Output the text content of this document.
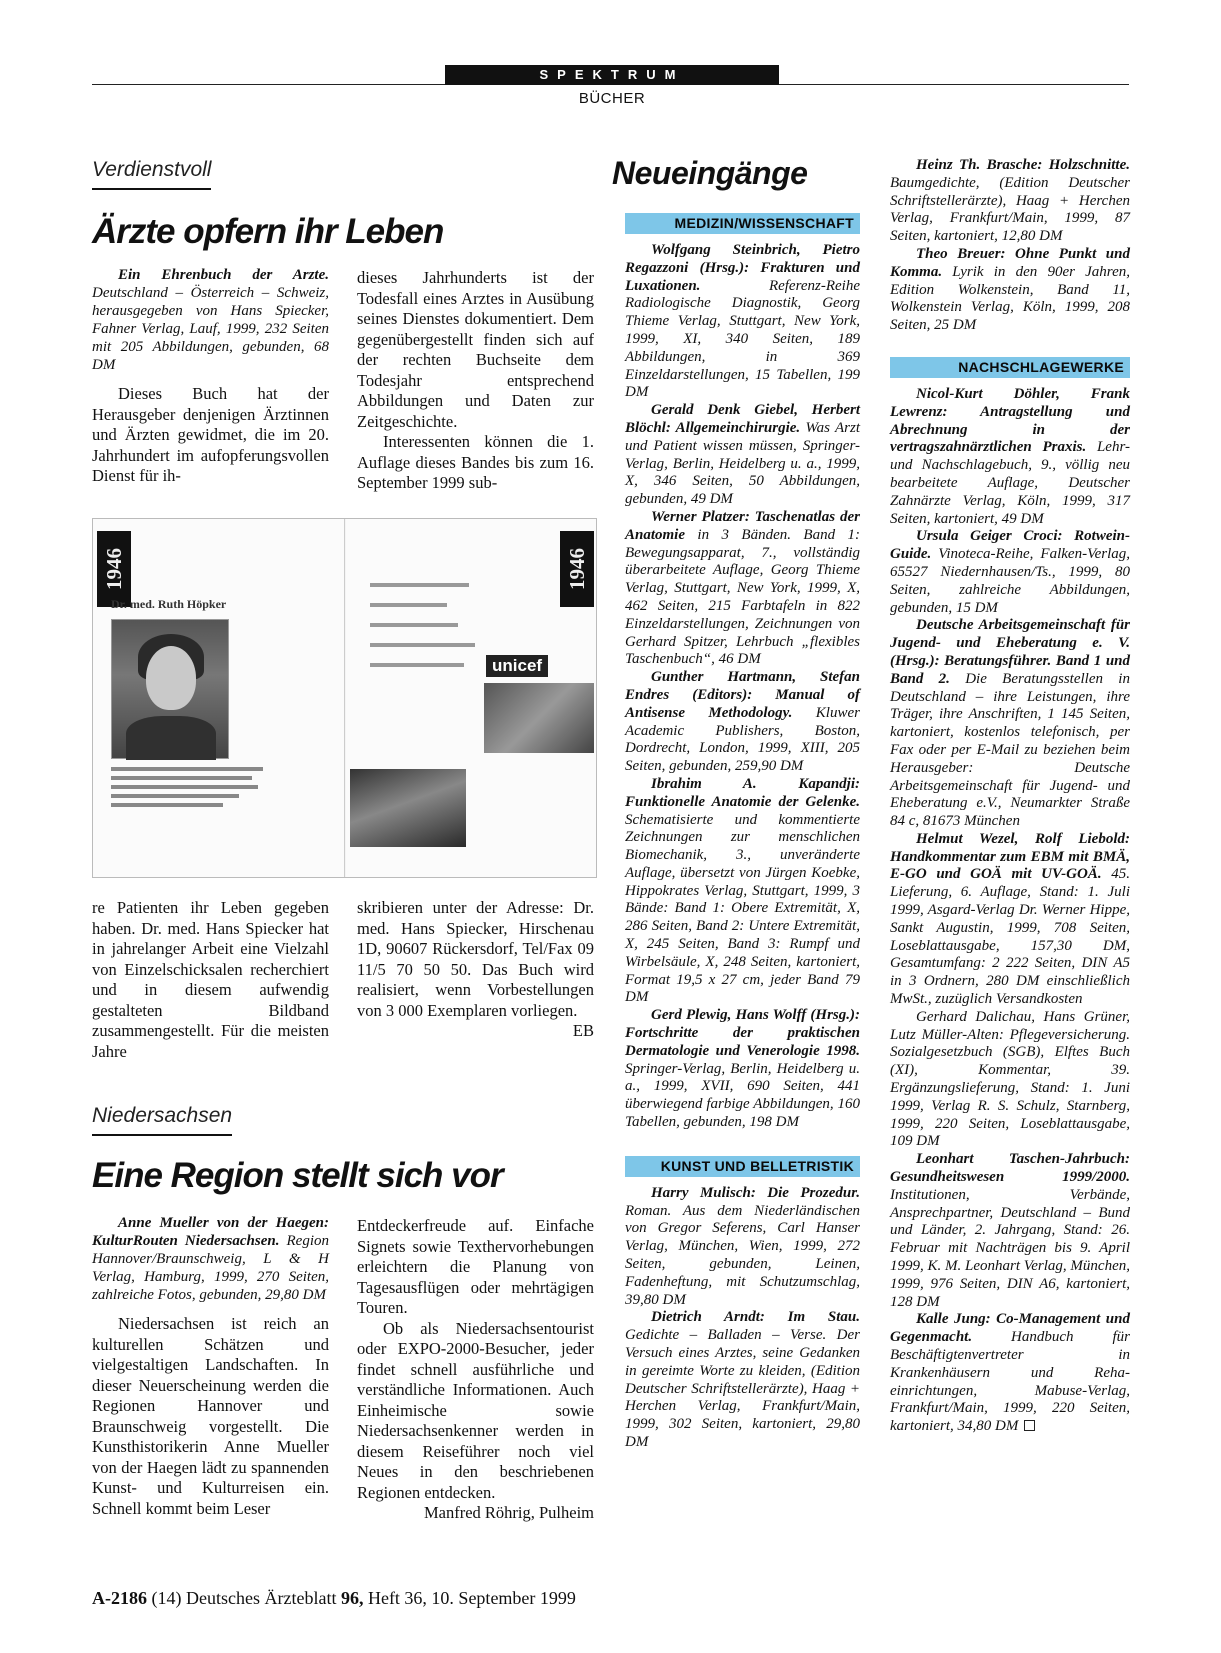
SPEKTRUM
BÜCHER
Verdienstvoll
Ärzte opfern ihr Leben

Ein Ehrenbuch der Arzte. Deutschland – Österreich – Schweiz, herausgegeben von Hans Spiecker, Fahner Verlag, Lauf, 1999, 232 Seiten mit 205 Abbildungen, gebunden, 68 DM

Dieses Buch hat der Herausgeber denjenigen Ärztinnen und Ärzten gewidmet, die im 20. Jahrhundert im aufopferungsvollen Dienst für ih-

dieses Jahrhunderts ist der Todesfall eines Arztes in Ausübung seines Dienstes dokumentiert. Dem gegenübergestellt finden sich auf der rechten Buchseite dem Todesjahr entsprechend Abbildungen und Daten zur Zeitgeschichte.

Interessenten können die 1. Auflage dieses Bandes bis zum 16. September 1999 sub-

1946
Dr. med. Ruth Höpker
1946
unicef

re Patienten ihr Leben gegeben haben. Dr. med. Hans Spiecker hat in jahrelanger Arbeit eine Vielzahl von Einzelschicksalen recherchiert und in diesem aufwendig gestalteten Bildband zusammengestellt. Für die meisten Jahre

skribieren unter der Adresse: Dr. med. Hans Spiecker, Hirschenau 1D, 90607 Rückersdorf, Tel/Fax 09 11/5 70 50 50. Das Buch wird realisiert, wenn Vorbestellungen von 3 000 Exemplaren vorliegen.

EB

Niedersachsen
Eine Region stellt sich vor

Anne Mueller von der Haegen: KulturRouten Niedersachsen. Region Hannover/Braunschweig, L & H Verlag, Hamburg, 1999, 270 Seiten, zahlreiche Fotos, gebunden, 29,80 DM

Niedersachsen ist reich an kulturellen Schätzen und vielgestaltigen Landschaften. In dieser Neuerscheinung werden die Regionen Hannover und Braunschweig vorgestellt. Die Kunsthistorikerin Anne Mueller von der Haegen lädt zu spannenden Kunst- und Kulturreisen ein. Schnell kommt beim Leser

Entdeckerfreude auf. Einfache Signets sowie Texthervorhebungen erleichtern die Planung von Tagesausflügen oder mehrtägigen Touren.

Ob als Niedersachsentourist oder EXPO-2000-Besucher, jeder findet schnell ausführliche und verständliche Informationen. Auch Einheimische sowie Niedersachsenkenner werden in diesem Reiseführer noch viel Neues in den beschriebenen Regionen entdecken.

Manfred Röhrig, Pulheim

Neueingänge
MEDIZIN/WISSENSCHAFT

Wolfgang Steinbrich, Pietro Regazzoni (Hrsg.): Frakturen und Luxationen. Referenz-Reihe Radiologische Diagnostik, Georg Thieme Verlag, Stuttgart, New York, 1999, XI, 340 Seiten, 189 Abbildungen, in 369 Einzeldarstellungen, 15 Tabellen, 199 DM

Gerald Denk Giebel, Herbert Blöchl: Allgemeinchirurgie. Was Arzt und Patient wissen müssen, Springer-Verlag, Berlin, Heidelberg u. a., 1999, X, 346 Seiten, 50 Abbildungen, gebunden, 49 DM

Werner Platzer: Taschenatlas der Anatomie in 3 Bänden. Band 1: Bewegungsapparat, 7., vollständig überarbeitete Auflage, Georg Thieme Verlag, Stuttgart, New York, 1999, X, 462 Seiten, 215 Farbtafeln in 822 Einzeldarstellungen, Zeichnungen von Gerhard Spitzer, Lehrbuch „flexibles Taschenbuch“, 46 DM

Gunther Hartmann, Stefan Endres (Editors): Manual of Antisense Methodology. Kluwer Academic Publishers, Boston, Dordrecht, London, 1999, XIII, 205 Seiten, gebunden, 259,90 DM

Ibrahim A. Kapandji: Funktionelle Anatomie der Gelenke. Schematisierte und kommentierte Zeichnungen zur menschlichen Biomechanik, 3., unveränderte Auflage, übersetzt von Jürgen Koebke, Hippokrates Verlag, Stuttgart, 1999, 3 Bände: Band 1: Obere Extremität, X, 286 Seiten, Band 2: Untere Extremität, X, 245 Seiten, Band 3: Rumpf und Wirbelsäule, X, 248 Seiten, kartoniert, Format 19,5 x 27 cm, jeder Band 79 DM

Gerd Plewig, Hans Wolff (Hrsg.): Fortschritte der praktischen Dermatologie und Venerologie 1998. Springer-Verlag, Berlin, Heidelberg u. a., 1999, XVII, 690 Seiten, 441 überwiegend farbige Abbildungen, 160 Tabellen, gebunden, 198 DM

KUNST UND BELLETRISTIK

Harry Mulisch: Die Prozedur. Roman. Aus dem Niederländischen von Gregor Seferens, Carl Hanser Verlag, München, Wien, 1999, 272 Seiten, gebunden, Leinen, Fadenheftung, mit Schutzumschlag, 39,80 DM

Dietrich Arndt: Im Stau. Gedichte – Balladen – Verse. Der Versuch eines Arztes, seine Gedanken in gereimte Worte zu kleiden, (Edition Deutscher Schriftstellerärzte), Haag + Herchen Verlag, Frankfurt/Main, 1999, 302 Seiten, kartoniert, 29,80 DM

Heinz Th. Brasche: Holzschnitte. Baumgedichte, (Edition Deutscher Schriftstellerärzte), Haag + Herchen Verlag, Frankfurt/Main, 1999, 87 Seiten, kartoniert, 12,80 DM

Theo Breuer: Ohne Punkt und Komma. Lyrik in den 90er Jahren, Edition Wolkenstein, Band 11, Wolkenstein Verlag, Köln, 1999, 208 Seiten, 25 DM

NACHSCHLAGEWERKE

Nicol-Kurt Döhler, Frank Lewrenz: Antragstellung und Abrechnung in der vertragszahnärztlichen Praxis. Lehr- und Nachschlagebuch, 9., völlig neu bearbeitete Auflage, Deutscher Zahnärzte Verlag, Köln, 1999, 317 Seiten, kartoniert, 49 DM

Ursula Geiger Croci: Rotwein-Guide. Vinoteca-Reihe, Falken-Verlag, 65527 Niedernhausen/Ts., 1999, 80 Seiten, zahlreiche Abbildungen, gebunden, 15 DM

Deutsche Arbeitsgemeinschaft für Jugend- und Eheberatung e. V. (Hrsg.): Beratungsführer. Band 1 und Band 2. Die Beratungsstellen in Deutschland – ihre Leistungen, ihre Träger, ihre Anschriften, 1 145 Seiten, kartoniert, kostenlos telefonisch, per Fax oder per E-Mail zu beziehen beim Herausgeber: Deutsche Arbeitsgemeinschaft für Jugend- und Eheberatung e.V., Neumarkter Straße 84 c, 81673 München

Helmut Wezel, Rolf Liebold: Handkommentar zum EBM mit BMÄ, E-GO und GOÄ mit UV-GOÄ. 45. Lieferung, 6. Auflage, Stand: 1. Juli 1999, Asgard-Verlag Dr. Werner Hippe, Sankt Augustin, 1999, 708 Seiten, Loseblattausgabe, 157,30 DM, Gesamtumfang: 2 222 Seiten, DIN A5 in 3 Ordnern, 280 DM einschließlich MwSt., zuzüglich Versandkosten

Gerhard Dalichau, Hans Grüner, Lutz Müller-Alten: Pflegeversicherung. Sozialgesetzbuch (SGB), Elftes Buch (XI), Kommentar, 39. Ergänzungslieferung, Stand: 1. Juni 1999, Verlag R. S. Schulz, Starnberg, 1999, 220 Seiten, Loseblattausgabe, 109 DM

Leonhart Taschen-Jahrbuch: Gesundheitswesen 1999/2000. Institutionen, Verbände, Ansprechpartner, Deutschland – Bund und Länder, 2. Jahrgang, Stand: 26. Februar mit Nachträgen bis 9. April 1999, K. M. Leonhart Verlag, München, 1999, 976 Seiten, DIN A6, kartoniert, 128 DM

Kalle Jung: Co-Management und Gegenmacht. Handbuch für Beschäftigtenvertreter in Krankenhäusern und Reha-einrichtungen, Mabuse-Verlag, Frankfurt/Main, 1999, 220 Seiten, kartoniert, 34,80 DM

A-2186 (14) Deutsches Ärzteblatt 96, Heft 36, 10. September 1999
